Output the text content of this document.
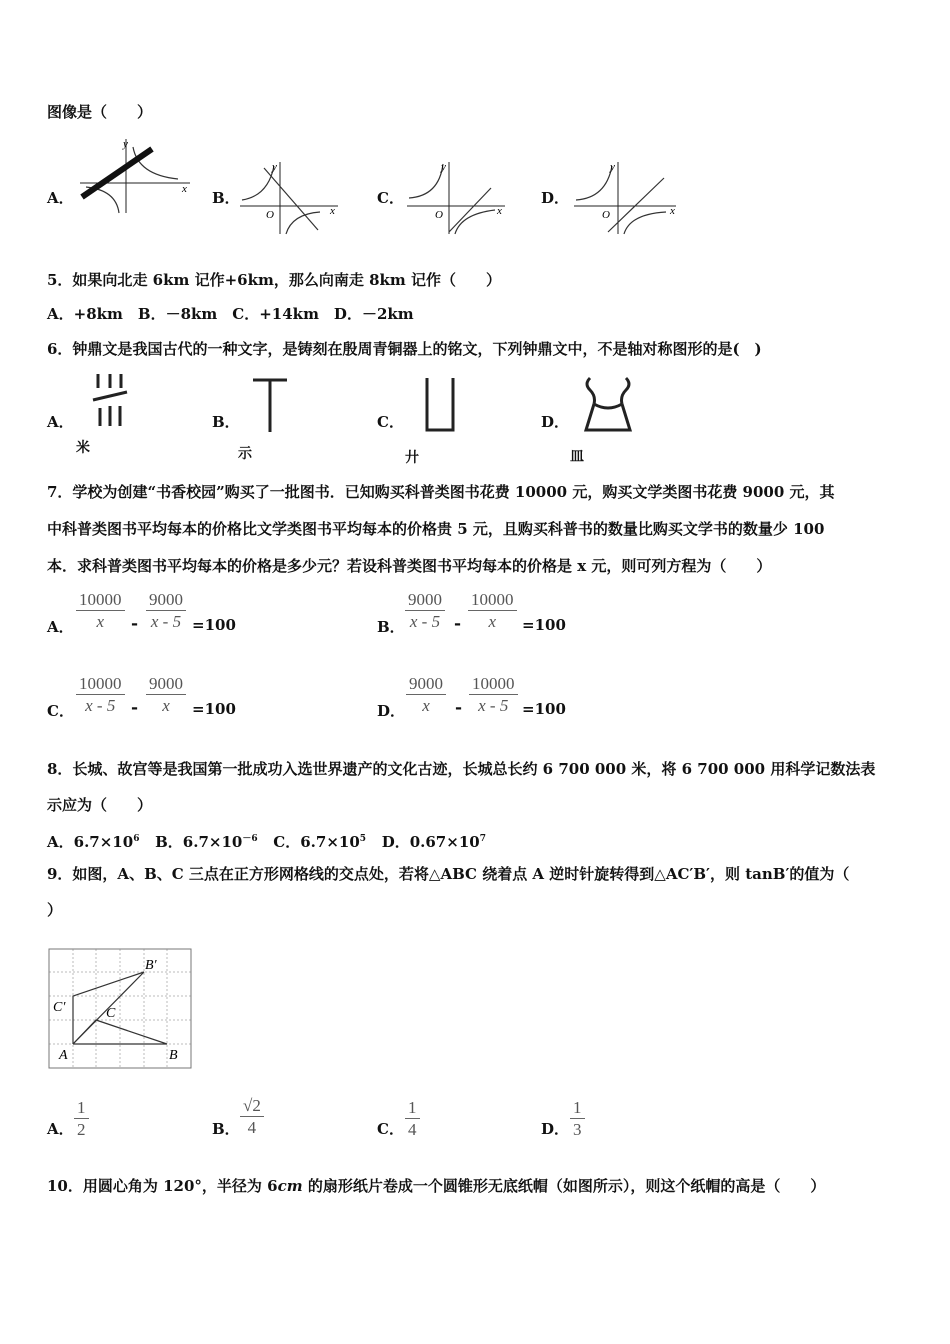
图像是（　　）
A．	B．	C．	D．
x
y
x
y
O	x
y
O	x
y
O
5．如果向北走 6km 记作+6km，那么向南走 8km 记作（　　）
A．+8km　B．－8km　C．+14km　D．－2km
6．钟鼎文是我国古代的一种文字，是铸刻在殷周青铜器上的铭文，下列钟鼎文中，不是轴对称图形的是(　)
A．	B．	C．	D．
米	示	廾	皿
7．学校为创建“书香校园”购买了一批图书．已知购买科普类图书花费 10000 元，购买文学类图书花费 9000 元，其
中科普类图书平均每本的价格比文学类图书平均每本的价格贵 5 元，且购买科普书的数量比购买文学书的数量少 100
本．求科普类图书平均每本的价格是多少元？若设科普类图书平均每本的价格是 x 元，则可列方程为（　　）
A． $\frac{10000}{x} - \frac{9000}{x - 5} =100$	B． $\frac{9000}{x - 5} - \frac{10000}{x} =100$
C． $\frac{10000}{x - 5} - \frac{9000}{x} =100$	D． $\frac{9000}{x} - \frac{10000}{x - 5} =100$
8．长城、故宫等是我国第一批成功入选世界遗产的文化古迹，长城总长约 6 700 000 米，将 6 700 000 用科学记数法表
示应为（　　）
A．$6.7\times 10^6$ B．$6.7\times 10^{-6}$ C．$6.7\times 10^5$ D．$0.67\times 10^7$
9．如图，A、B、C 三点在正方形网格线的交点处，若将△ABC 绕着点 A 逆时针旋转得到△AC′B′，则 tanB′的值为（
）
B′
C′	C
A	B
A． $\frac{1}{2}$	B． $\frac{√2}{4}$	C． $\frac{1}{4}$	D． $\frac{1}{3}$
10．用圆心角为 120°，半径为 6cm 的扇形纸片卷成一个圆锥形无底纸帽（如图所示），则这个纸帽的高是（　　）
